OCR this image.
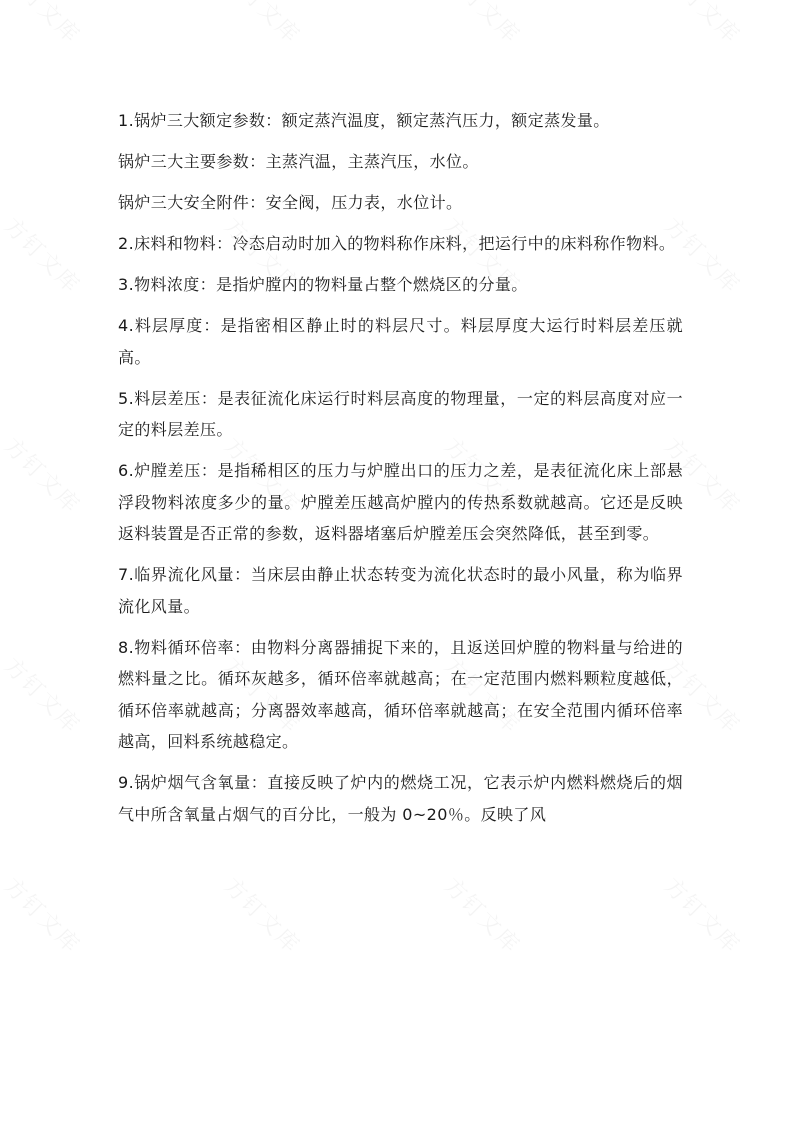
1.锅炉三大额定参数：额定蒸汽温度，额定蒸汽压力，额定蒸发量。

锅炉三大主要参数：主蒸汽温，主蒸汽压，水位。

锅炉三大安全附件：安全阀，压力表，水位计。

2.床料和物料：冷态启动时加入的物料称作床料，把运行中的床料称作物料。

3.物料浓度：是指炉膛内的物料量占整个燃烧区的分量。

4.料层厚度：是指密相区静止时的料层尺寸。料层厚度大运行时料层差压就高。

5.料层差压：是表征流化床运行时料层高度的物理量，一定的料层高度对应一定的料层差压。

6.炉膛差压：是指稀相区的压力与炉膛出口的压力之差，是表征流化床上部悬浮段物料浓度多少的量。炉膛差压越高炉膛内的传热系数就越高。它还是反映返料装置是否正常的参数，返料器堵塞后炉膛差压会突然降低，甚至到零。

7.临界流化风量：当床层由静止状态转变为流化状态时的最小风量，称为临界流化风量。

8.物料循环倍率：由物料分离器捕捉下来的，且返送回炉膛的物料量与给进的燃料量之比。循环灰越多，循环倍率就越高；在一定范围内燃料颗粒度越低，循环倍率就越高；分离器效率越高，循环倍率就越高；在安全范围内循环倍率越高，回料系统越稳定。

9.锅炉烟气含氧量：直接反映了炉内的燃烧工况，它表示炉内燃料燃烧后的烟气中所含氧量占烟气的百分比，一般为 0~20％。反映了风
